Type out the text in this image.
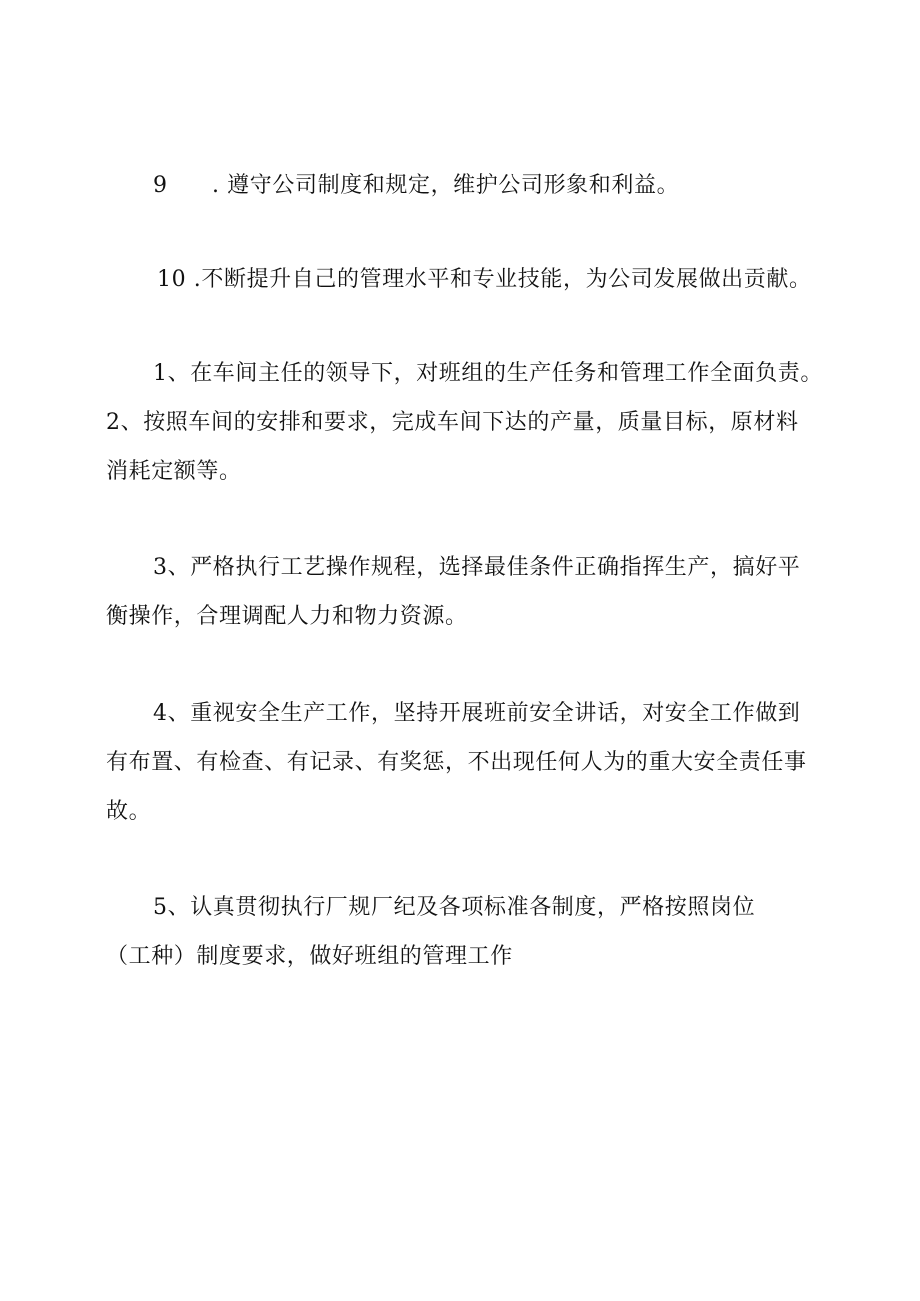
9 . 遵守公司制度和规定，维护公司形象和利益。
10 .不断提升自己的管理水平和专业技能，为公司发展做出贡献。
1、在车间主任的领导下，对班组的生产任务和管理工作全面负责。
2、按照车间的安排和要求，完成车间下达的产量，质量目标，原材料
消耗定额等。
3、严格执行工艺操作规程，选择最佳条件正确指挥生产，搞好平
衡操作，合理调配人力和物力资源。
4、重视安全生产工作，坚持开展班前安全讲话，对安全工作做到
有布置、有检查、有记录、有奖惩，不出现任何人为的重大安全责任事
故。
5、认真贯彻执行厂规厂纪及各项标准各制度，严格按照岗位
（工种）制度要求，做好班组的管理工作
